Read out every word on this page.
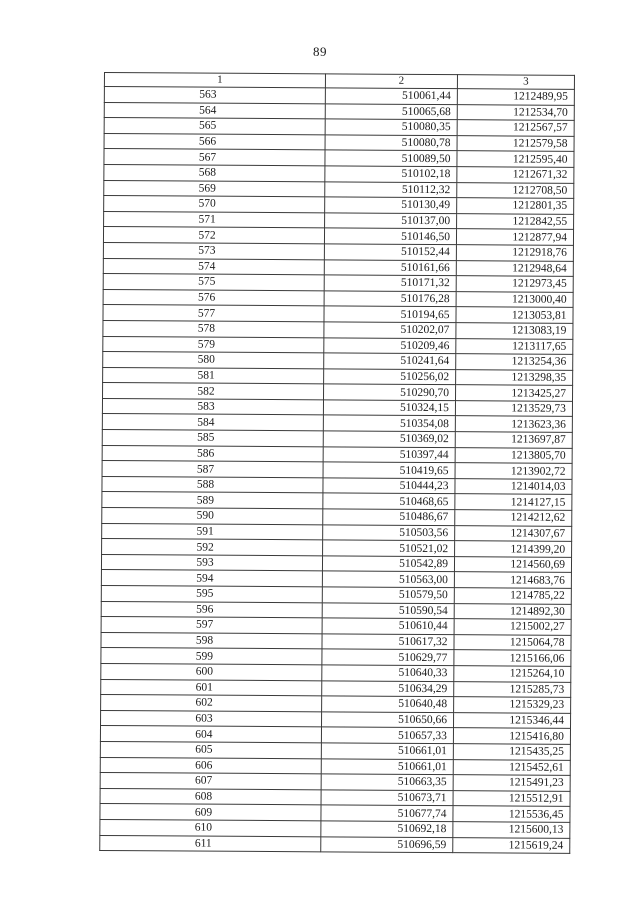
89
1	2	3
563	510061,44	1212489,95
564	510065,68	1212534,70
565	510080,35	1212567,57
566	510080,78	1212579,58
567	510089,50	1212595,40
568	510102,18	1212671,32
569	510112,32	1212708,50
570	510130,49	1212801,35
571	510137,00	1212842,55
572	510146,50	1212877,94
573	510152,44	1212918,76
574	510161,66	1212948,64
575	510171,32	1212973,45
576	510176,28	1213000,40
577	510194,65	1213053,81
578	510202,07	1213083,19
579	510209,46	1213117,65
580	510241,64	1213254,36
581	510256,02	1213298,35
582	510290,70	1213425,27
583	510324,15	1213529,73
584	510354,08	1213623,36
585	510369,02	1213697,87
586	510397,44	1213805,70
587	510419,65	1213902,72
588	510444,23	1214014,03
589	510468,65	1214127,15
590	510486,67	1214212,62
591	510503,56	1214307,67
592	510521,02	1214399,20
593	510542,89	1214560,69
594	510563,00	1214683,76
595	510579,50	1214785,22
596	510590,54	1214892,30
597	510610,44	1215002,27
598	510617,32	1215064,78
599	510629,77	1215166,06
600	510640,33	1215264,10
601	510634,29	1215285,73
602	510640,48	1215329,23
603	510650,66	1215346,44
604	510657,33	1215416,80
605	510661,01	1215435,25
606	510661,01	1215452,61
607	510663,35	1215491,23
608	510673,71	1215512,91
609	510677,74	1215536,45
610	510692,18	1215600,13
611	510696,59	1215619,24
